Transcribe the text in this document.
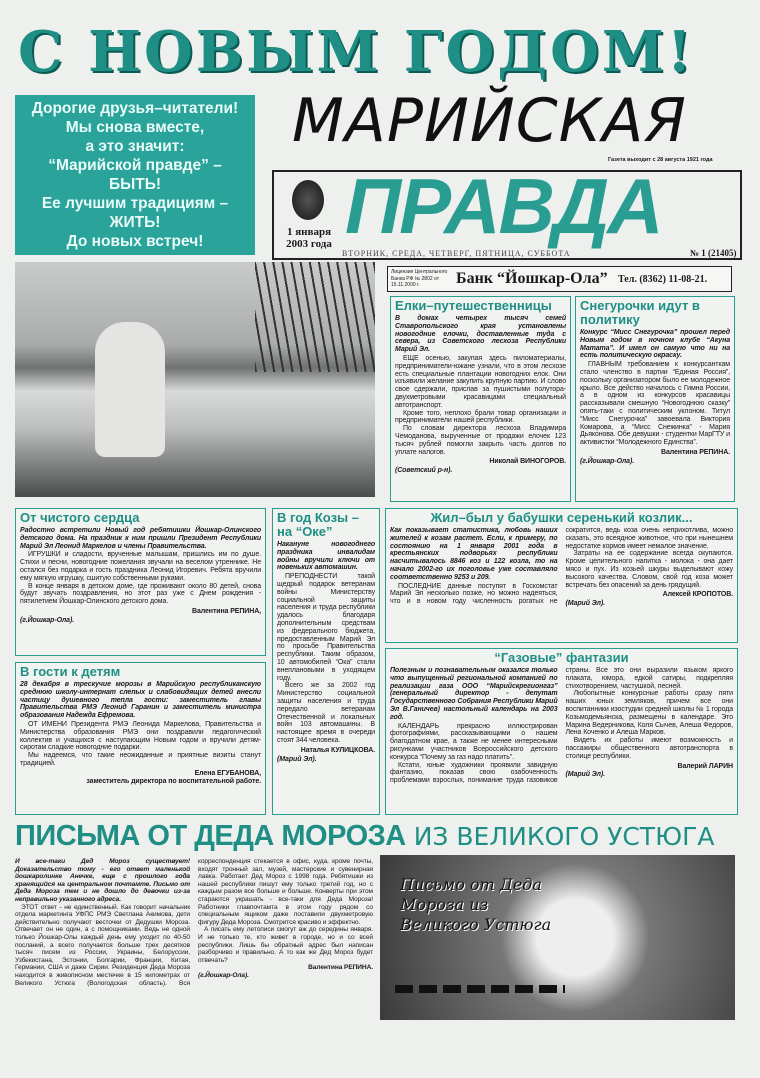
С НОВЫМ ГОДОМ!
Дорогие друзья–читатели!
Мы снова вместе,
а это значит:
“Марийской правде” –
БЫТЬ!
Ее лучшим традициям –
ЖИТЬ!
До новых встреч!
МАРИЙСКАЯ
Газета выходит с 28 августа 1921 года
ПРАВДА
1 января
2003 года
ВТОРНИК, СРЕДА, ЧЕТВЕРГ, ПЯТНИЦА, СУББОТА	№ 1 (21405)
Лицензия Центрального Банка РФ № 2802 от 15.11.2000 г.	Банк “Йошкар-Ола” Тел. (8362) 11-08-21.
Елки–путешественницы
В домах четырех тысяч семей Ставропольского края установлены новогодние елочки, доставленные туда с севера, из Советского лесхоза Республики Марий Эл.

ЕЩЕ осенью, закупая здесь пиломатериалы, предприниматели-южане узнали, что в этом лесхозе есть специальные плантации новогодних елок. Они изъявили желание закупить крупную партию. И слово свое сдержали, прислав за пушистыми полутора-двухметровыми красавицами специальный автотранспорт.

Кроме того, неплохо брали товар организации и предприниматели нашей республики.

По словам директора лесхоза Владимира Чемоданова, вырученные от продажи елочек 123 тысяч рублей помогли закрыть часть долгов по уплате налогов.

Николай ВИНОГОРОВ.
(Советский р-н).
Снегурочки идут в политику
Конкурс “Мисс Снегурочка” прошел перед Новым годом в ночном клубе “Акуна Матата”. И имел он самую что ни на есть политическую окраску.

ГЛАВНЫМ требованием к конкурсанткам стало членство в партии “Единая Россия”, поскольку организатором было ее молодежное крыло. Все действо началось с Гимна России, а в одном из конкурсов красавицы рассказывали смешную “Новогоднюю сказку” опять-таки с политическим уклоном. Титул “Мисс Снегурочка” завоевала Виктория Комарова, а “Мисс Снежинка” - Мария Дьяконова. Обе девушки - студентки МарГТУ и активистки “Молодежного Единства”.

Валентина РЕПИНА.
(г.Йошкар-Ола).
От чистого сердца
Радостно встретили Новый год ребятишки Йошкар-Олинского детского дома. На праздник к ним пришли Президент Республики Марий Эл Леонид Маркелов и члены Правительства.

ИГРУШКИ и сладости, врученные малышам, пришлись им по душе. Стихи и песни, новогодние пожелания звучали на веселом утреннике. Не остался без подарка и гость праздника Леонид Игоревич. Ребята вручили ему мягкую игрушку, сшитую собственными руками.

В конце января в детском доме, где проживают около 80 детей, снова будут звучать поздравления, но этот раз уже с Днем рождения - пятилетием Йошкар-Олинского детского дома.

Валентина РЕПИНА,
(г.Йошкар-Ола).
В гости к детям
28 декабря в трескучие морозы в Марийскую республиканскую среднюю школу-интернат слепых и слабовидящих детей внесли частицу душевного тепла гости: заместитель главы Правительства РМЭ Леонид Гаранин и заместитель министра образования Надежда Ефремова.

ОТ ИМЕНИ Президента РМЭ Леонида Маркелова, Правительства и Министерства образования РМЭ они поздравили педагогический коллектив и учащихся с наступающим Новым годом и вручили детям-сиротам сладкие новогодние подарки.

Мы надеемся, что такие неожиданные и приятные визиты станут традицией.

Елена ЕГУБАНОВА,
заместитель директора по воспитательной работе.
В год Козы – на “Оке”
Накануне новогоднего праздника инвалидам войны вручили ключи от новеньких автомашин.

ПРЕПОДНЕСТИ такой щедрый подарок ветеранам войны Министерству социальной защиты населения и труда республики удалось благодаря дополнительным средствам из федерального бюджета, предоставленным Марий Эл по просьбе Правительства республики. Таким образом, 10 автомобилей “Ока” стали внеплановыми в уходящем году.

Всего же за 2002 год Министерство социальной защиты населения и труда передало ветеранам Отечественной и локальных войн 103 автомашины. В настоящее время в очереди стоят 344 человека.

Наталья КУЛИЦКОВА.
(Марий Эл).
Жил–был у бабушки серенький козлик...
Как показывает статистика, любовь наших жителей к козам растет. Если, к примеру, по состоянию на 1 января 2001 года в крестьянских подворьях республики насчитывалось 8846 коз и 122 козла, то на начало 2002-го их поголовье уже составляло соответственно 9253 и 209.

ПОСЛЕДНИЕ данные поступят в Госкомстат Марий Эл несколько позже, но можно надеяться, что и в новом году численность рогатых не сократится, ведь коза очень неприхотлива, можно сказать, это всеядное животное, что при нынешнем недостатке кормов имеет немалое значение.

Затраты на ее содержание всегда окупаются. Кроме целительного напитка - молока - она дает мясо и пух. Из козьей шкуры выделывают кожу высокого качества. Словом, свой год коза может встречать без опасений за день грядущий.

Алексей КРОПОТОВ.
(Марий Эл).
“Газовые” фантазии
Полезным и познавательным оказался только что выпущенный региональной компанией по реализации газа ООО “Марийскрегионгаз” (генеральный директор - депутат Государственного Собрания Республики Марий Эл В.Ганичев) настольный календарь на 2003 год.

КАЛЕНДАРЬ прекрасно иллюстрирован фотографиями, рассказывающими о нашем благодатном крае, а также не менее интересными рисунками участников Всероссийского детского конкурса “Почему за газ надо платить”.

Кстати, юные художники проявили завидную фантазию, показав свою озабоченность проблемами взрослых, понимание труда газовиков страны. Все это они выразили языком яркого плаката, юмора, едкой сатиры, подкрепляя стихотворением, частушкой, песней.

Любопытные конкурсные работы сразу пяти наших юных земляков, причем все они воспитанники изостудии средней школы № 1 города Козьмодемьянска, размещены в календаре. Это Марина Ведерникова, Коля Сычев, Алеша Федоров, Лена Коченко и Алеша Марков.

Видеть их работы имеют возможность и пассажиры общественного автотранспорта в столице республики.

Валерий ЛАРИН
(Марий Эл).
ПИСЬМА ОТ ДЕДА МОРОЗА ИЗ ВЕЛИКОГО УСТЮГА
И все-таки Дед Мороз существует! Доказательство тому - его ответ маленькой йошкаролинке Анечке, еще с прошлого года хранящийся на центральном почтамте. Письмо от Деда Мороза тем и не дошло до девочки из-за неправильно указанного адреса.

ЭТОТ ответ - не единственный. Как говорит начальник отдела маркетинга УФПС РМЭ Светлана Акимова, дети действительно получают весточки от Дедушки Мороза. Отвечает он не один, а с помощниками. Ведь не одной только Йошкар-Олы каждый день ему уходит по 40-50 посланий, а всего получается больше трех десятков тысяч писем из России, Украины, Белоруссии, Узбекистана, Эстонии, Болгарии, Франции, Китая, Германии, США и даже Сирии. Резиденция Деда Мороза находится в живописном местечке в 15 километрах от Великого Устюга (Вологодская область). Вся корреспонденция стекается в офис, куда, кроме почты, входят тронный зал, музей, мастерские и сувенирная лавка. Работает Дед Мороз с 1998 года. Ребятишки из нашей республики пишут ему только третий год, но с каждым разом все больше и больше. Конверты при этом стараются украшать - все-таки для Деда Мороза! Работники главпочтамта в этом году рядом со специальным ящиком даже поставили двухметровую фигуру Деда Мороза. Смотрится красиво и эффектно.

А писать ему летописи смогут аж до середины января. И не только те, кто живет в городе, но и со всей республики. Лишь бы обратный адрес был написан разборчиво и правильно. А то как же Дед Мороз будет отвечать?

Валентина РЕПИНА.
(г.Йошкар-Ола).
Письмо от Деда Мороза из Великого Устюга
